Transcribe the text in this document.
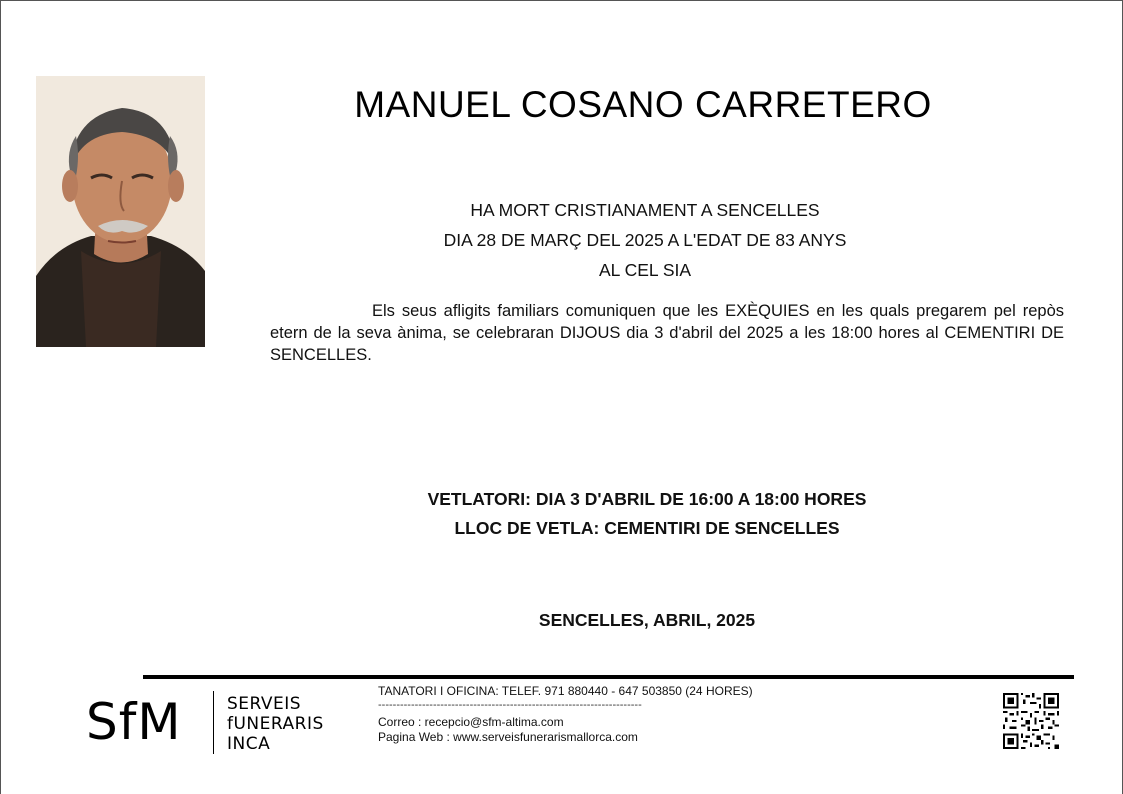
MANUEL COSANO CARRETERO
HA MORT CRISTIANAMENT A SENCELLES
DIA 28 DE MARÇ DEL 2025 A L'EDAT DE 83 ANYS
AL CEL SIA
Els seus afligits familiars comuniquen que les EXÈQUIES en les quals pregarem pel repòs etern de la seva ànima, se celebraran DIJOUS dia 3 d'abril del 2025 a les 18:00 hores al CEMENTIRI DE SENCELLES.
VETLATORI: DIA 3 D'ABRIL DE 16:00 A 18:00 HORES
LLOC DE VETLA: CEMENTIRI DE SENCELLES
SENCELLES, ABRIL, 2025
SfM	SERVEIS
fUNERARIS
INCA
TANATORI I OFICINA: TELEF. 971 880440 - 647 503850 (24 HORES)
------------------------------------------------------------------------
Correo : recepcio@sfm-altima.com
Pagina Web : www.serveisfunerarismallorca.com
